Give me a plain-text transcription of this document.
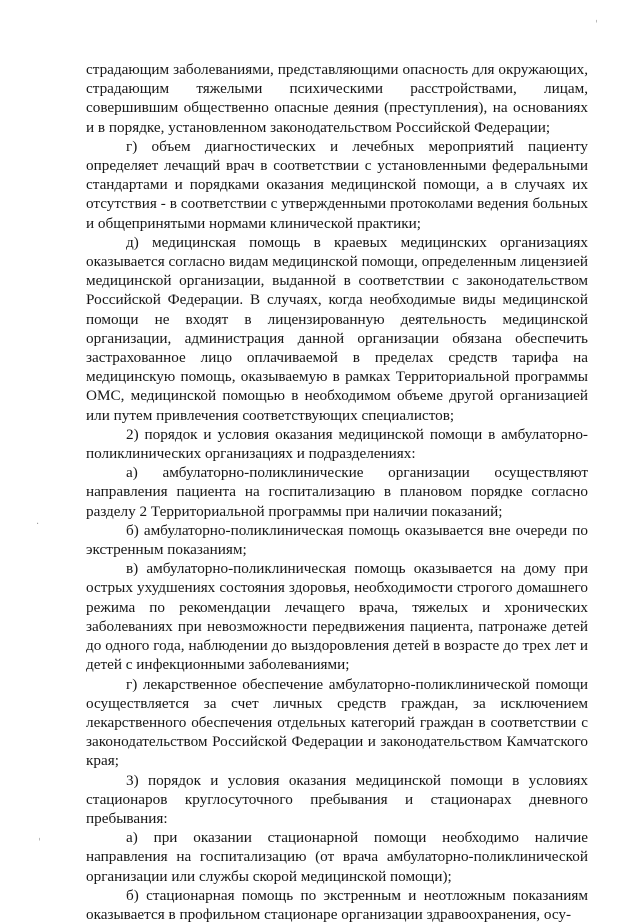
ˌ
·
ˌ

страдающим заболеваниями, представляющими опасность для окружающих, страдающим тяжелыми психическими расстройствами, лицам, совершившим общественно опасные деяния (преступления), на основаниях и в порядке, установленном законодательством Российской Федерации;

г) объем диагностических и лечебных мероприятий пациенту определяет лечащий врач в соответствии с установленными федеральными стандартами и порядками оказания медицинской помощи, а в случаях их отсутствия - в соответствии с утвержденными протоколами ведения больных и общепринятыми нормами клинической практики;

д) медицинская помощь в краевых медицинских организациях оказывается согласно видам медицинской помощи, определенным лицензией медицинской организации, выданной в соответствии с законодательством Российской Федерации. В случаях, когда необходимые виды медицинской помощи не входят в лицензированную деятельность медицинской организации, администрация данной организации обязана обеспечить застрахованное лицо оплачиваемой в пределах средств тарифа на медицинскую помощь, оказываемую в рамках Территориальной программы ОМС, медицинской помощью в необходимом объеме другой организацией или путем привлечения соответствующих специалистов;

2) порядок и условия оказания медицинской помощи в амбулаторно-поликлинических организациях и подразделениях:

а) амбулаторно-поликлинические организации осуществляют направления пациента на госпитализацию в плановом порядке согласно разделу 2 Территориальной программы при наличии показаний;

б) амбулаторно-поликлиническая помощь оказывается вне очереди по экстренным показаниям;

в) амбулаторно-поликлиническая помощь оказывается на дому при острых ухудшениях состояния здоровья, необходимости строгого домашнего режима по рекомендации лечащего врача, тяжелых и хронических заболеваниях при невозможности передвижения пациента, патронаже детей до одного года, наблюдении до выздоровления детей в возрасте до трех лет и детей с инфекционными заболеваниями;

г) лекарственное обеспечение амбулаторно-поликлинической помощи осуществляется за счет личных средств граждан, за исключением лекарственного обеспечения отдельных категорий граждан в соответствии с законодательством Российской Федерации и законодательством Камчатского края;

3) порядок и условия оказания медицинской помощи в условиях стационаров круглосуточного пребывания и стационарах дневного пребывания:

а) при оказании стационарной помощи необходимо наличие направления на госпитализацию (от врача амбулаторно-поликлинической организации или службы скорой медицинской помощи);

б) стационарная помощь по экстренным и неотложным показаниям оказывается в профильном стационаре организации здравоохранения, осу-
